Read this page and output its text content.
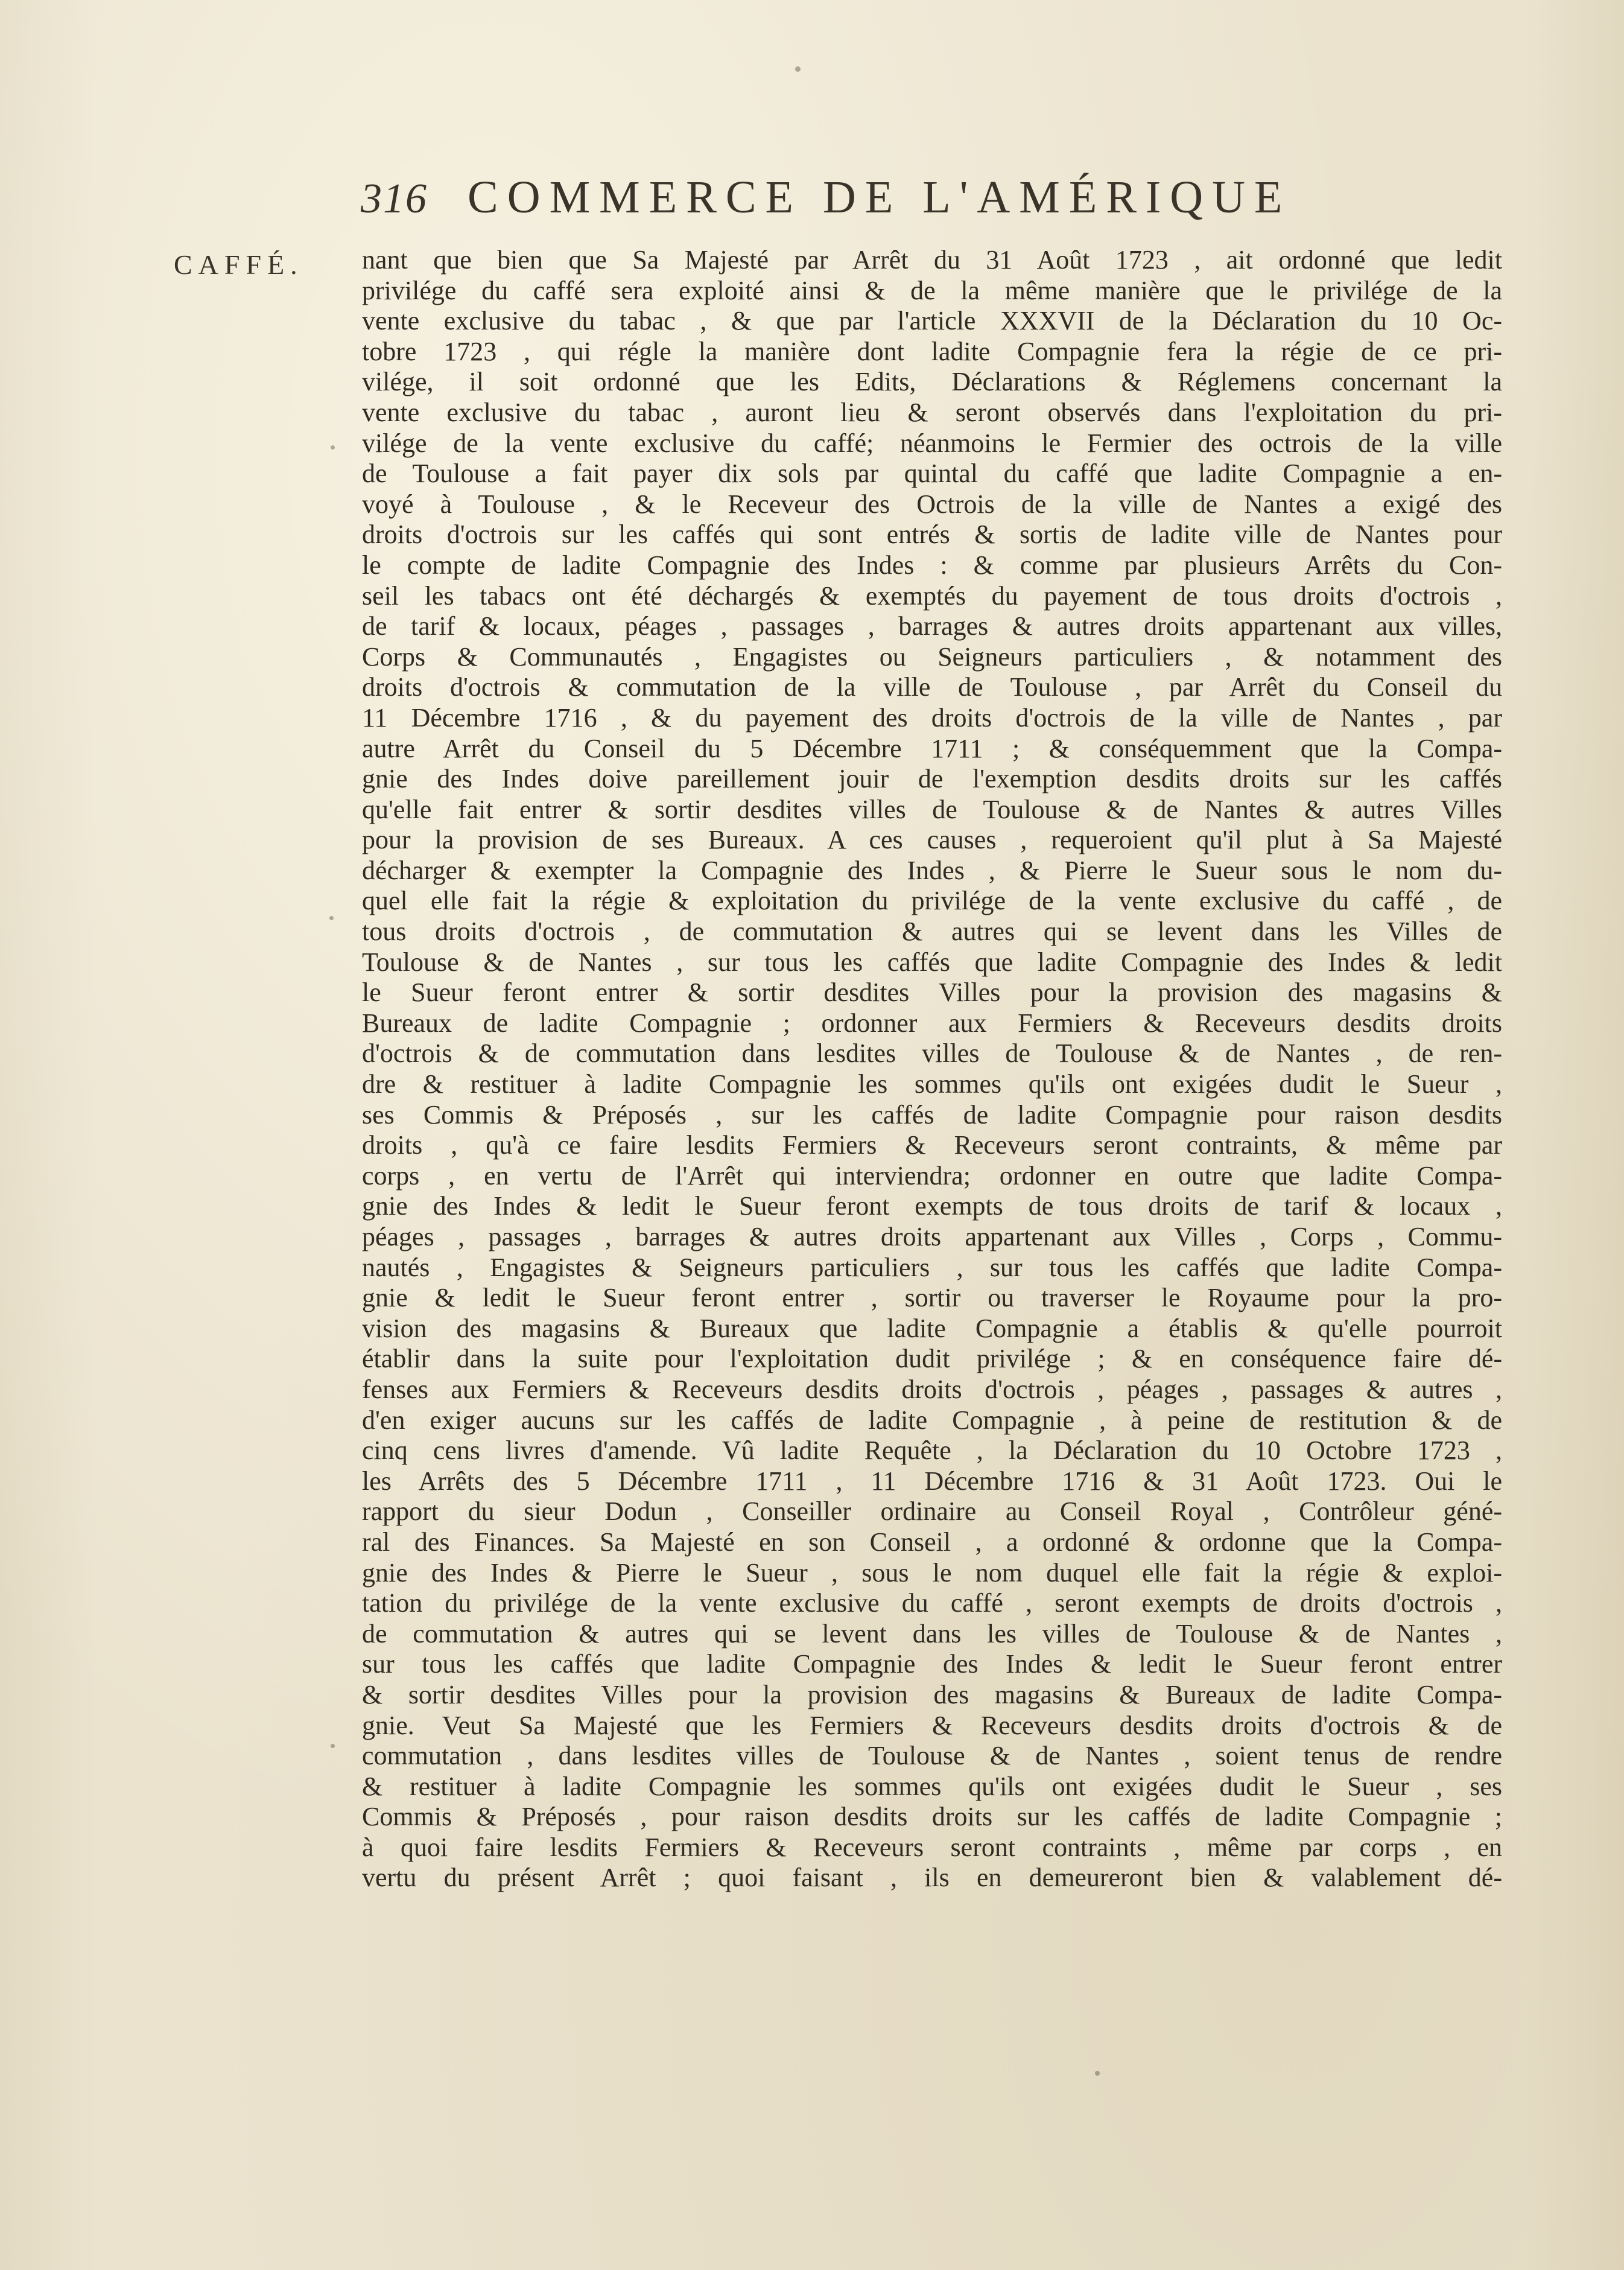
316 COMMERCE DE L'AMÉRIQUE
CAFFÉ. nant que bien que Sa Majesté par Arrêt du 31 Août 1723 , ait ordonné que ledit
privilége du caffé sera exploité ainsi & de la même manière que le privilége de la
vente exclusive du tabac , & que par l'article XXXVII de la Déclaration du 10 Oc-
tobre 1723 , qui régle la manière dont ladite Compagnie fera la régie de ce pri-
vilége, il soit ordonné que les Edits, Déclarations & Réglemens concernant la
vente exclusive du tabac , auront lieu & seront observés dans l'exploitation du pri-
vilége de la vente exclusive du caffé; néanmoins le Fermier des octrois de la ville
de Toulouse a fait payer dix sols par quintal du caffé que ladite Compagnie a en-
voyé à Toulouse , & le Receveur des Octrois de la ville de Nantes a exigé des
droits d'octrois sur les caffés qui sont entrés & sortis de ladite ville de Nantes pour
le compte de ladite Compagnie des Indes : & comme par plusieurs Arrêts du Con-
seil les tabacs ont été déchargés & exemptés du payement de tous droits d'octrois ,
de tarif & locaux, péages , passages , barrages & autres droits appartenant aux villes,
Corps & Communautés , Engagistes ou Seigneurs particuliers , & notamment des
droits d'octrois & commutation de la ville de Toulouse , par Arrêt du Conseil du
11 Décembre 1716 , & du payement des droits d'octrois de la ville de Nantes , par
autre Arrêt du Conseil du 5 Décembre 1711 ; & conséquemment que la Compa-
gnie des Indes doive pareillement jouir de l'exemption desdits droits sur les caffés
qu'elle fait entrer & sortir desdites villes de Toulouse & de Nantes & autres Villes
pour la provision de ses Bureaux. A ces causes , requeroient qu'il plut à Sa Majesté
décharger & exempter la Compagnie des Indes , & Pierre le Sueur sous le nom du-
quel elle fait la régie & exploitation du privilége de la vente exclusive du caffé , de
tous droits d'octrois , de commutation & autres qui se levent dans les Villes de
Toulouse & de Nantes , sur tous les caffés que ladite Compagnie des Indes & ledit
le Sueur feront entrer & sortir desdites Villes pour la provision des magasins &
Bureaux de ladite Compagnie ; ordonner aux Fermiers & Receveurs desdits droits
d'octrois & de commutation dans lesdites villes de Toulouse & de Nantes , de ren-
dre & restituer à ladite Compagnie les sommes qu'ils ont exigées dudit le Sueur ,
ses Commis & Préposés , sur les caffés de ladite Compagnie pour raison desdits
droits , qu'à ce faire lesdits Fermiers & Receveurs seront contraints, & même par
corps , en vertu de l'Arrêt qui interviendra; ordonner en outre que ladite Compa-
gnie des Indes & ledit le Sueur feront exempts de tous droits de tarif & locaux ,
péages , passages , barrages & autres droits appartenant aux Villes , Corps , Commu-
nautés , Engagistes & Seigneurs particuliers , sur tous les caffés que ladite Compa-
gnie & ledit le Sueur feront entrer , sortir ou traverser le Royaume pour la pro-
vision des magasins & Bureaux que ladite Compagnie a établis & qu'elle pourroit
établir dans la suite pour l'exploitation dudit privilége ; & en conséquence faire dé-
fenses aux Fermiers & Receveurs desdits droits d'octrois , péages , passages & autres ,
d'en exiger aucuns sur les caffés de ladite Compagnie , à peine de restitution & de
cinq cens livres d'amende. Vû ladite Requête , la Déclaration du 10 Octobre 1723 ,
les Arrêts des 5 Décembre 1711 , 11 Décembre 1716 & 31 Août 1723. Oui le
rapport du sieur Dodun , Conseiller ordinaire au Conseil Royal , Contrôleur géné-
ral des Finances. Sa Majesté en son Conseil , a ordonné & ordonne que la Compa-
gnie des Indes & Pierre le Sueur , sous le nom duquel elle fait la régie & exploi-
tation du privilége de la vente exclusive du caffé , seront exempts de droits d'octrois ,
de commutation & autres qui se levent dans les villes de Toulouse & de Nantes ,
sur tous les caffés que ladite Compagnie des Indes & ledit le Sueur feront entrer
& sortir desdites Villes pour la provision des magasins & Bureaux de ladite Compa-
gnie. Veut Sa Majesté que les Fermiers & Receveurs desdits droits d'octrois & de
commutation , dans lesdites villes de Toulouse & de Nantes , soient tenus de rendre
& restituer à ladite Compagnie les sommes qu'ils ont exigées dudit le Sueur , ses
Commis & Préposés , pour raison desdits droits sur les caffés de ladite Compagnie ;
à quoi faire lesdits Fermiers & Receveurs seront contraints , même par corps , en
vertu du présent Arrêt ; quoi faisant , ils en demeureront bien & valablement dé-
